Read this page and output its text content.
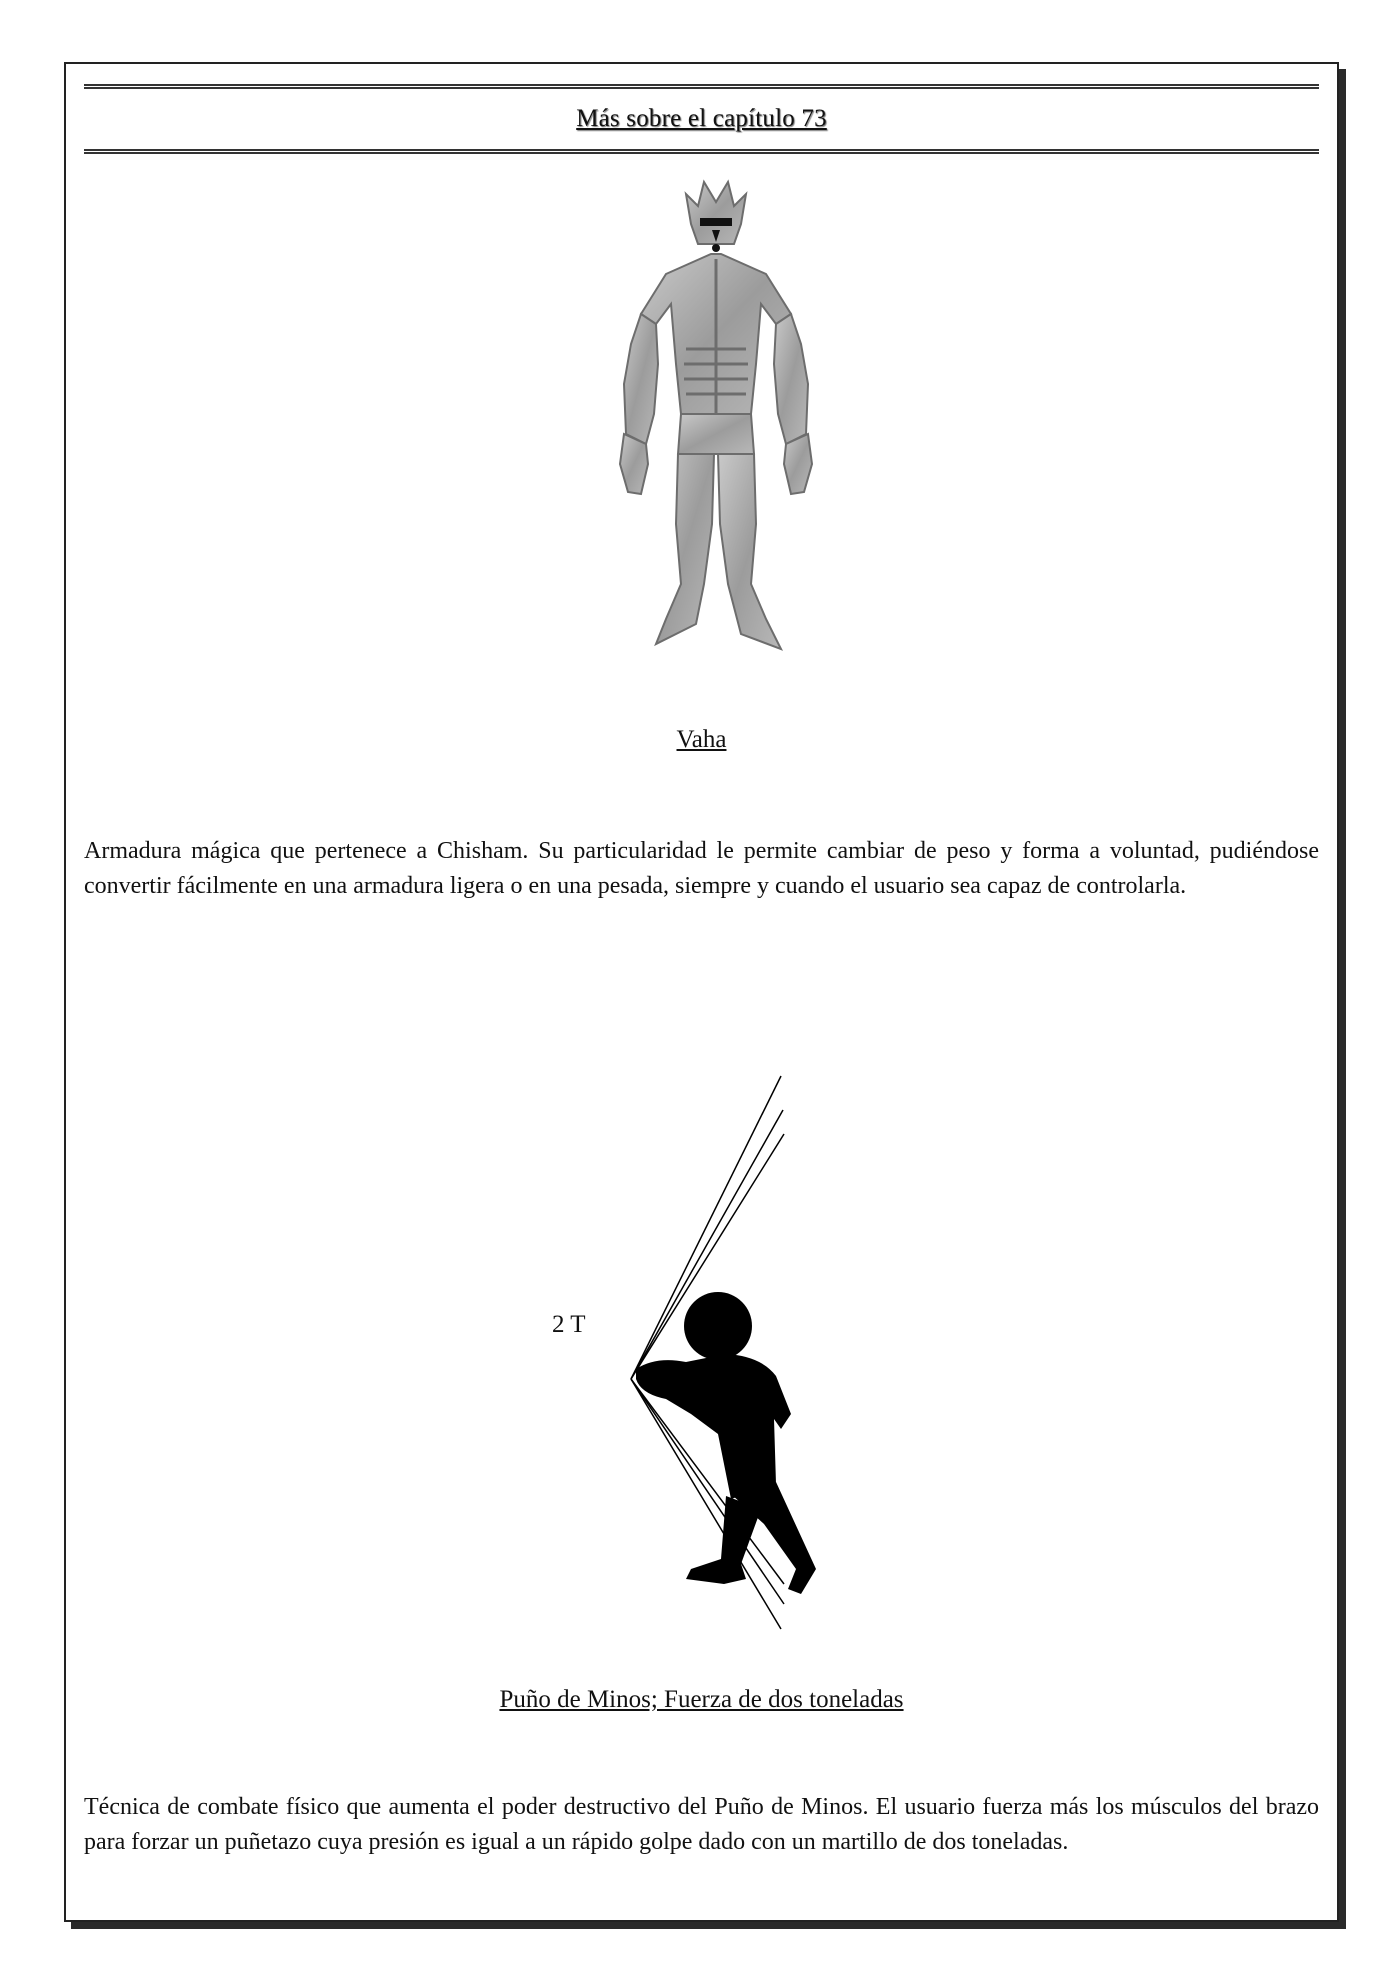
Más sobre el capítulo 73
Vaha
Armadura mágica que pertenece a Chisham. Su particularidad le permite cambiar de peso y forma a voluntad, pudiéndose convertir fácilmente en una armadura ligera o en una pesada, siempre y cuando el usuario sea capaz de controlarla.
2 T
Puño de Minos; Fuerza de dos toneladas
Técnica de combate físico que aumenta el poder destructivo del Puño de Minos. El usuario fuerza más los músculos del brazo para forzar un puñetazo cuya presión es igual a un rápido golpe dado con un martillo de dos toneladas.
